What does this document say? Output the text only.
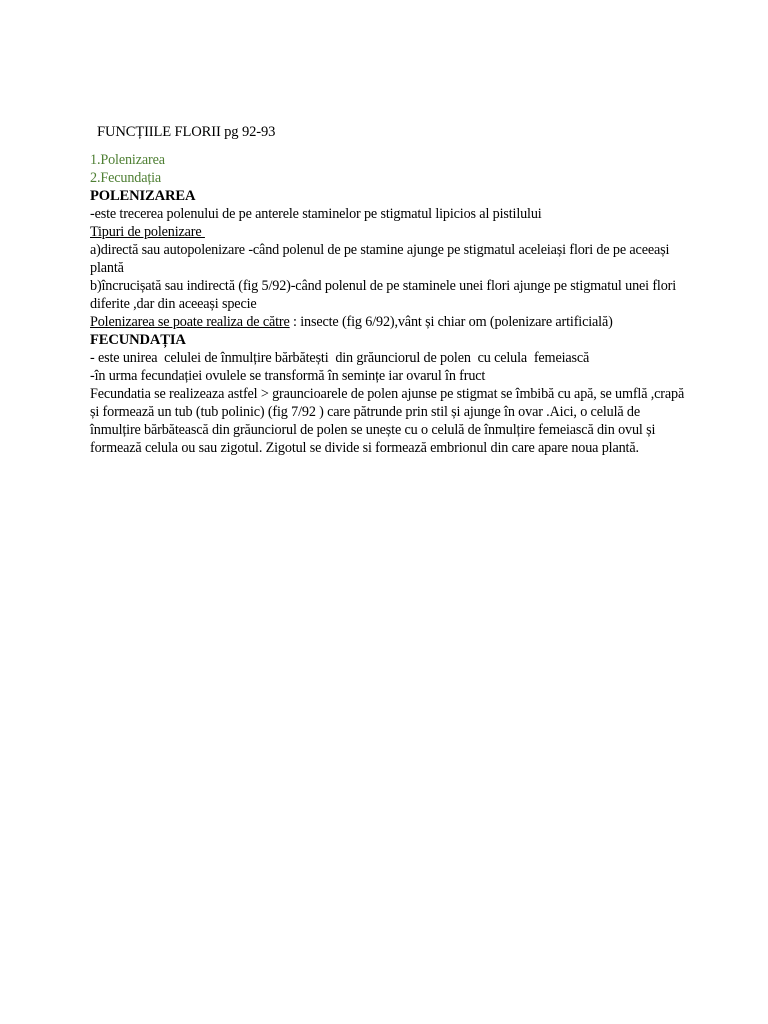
FUNCȚIILE FLORII pg 92-93
1.Polenizarea
2.Fecundația
POLENIZAREA
-este trecerea polenului de pe anterele staminelor pe stigmatul lipicios al pistilului
Tipuri de polenizare
a)directă sau autopolenizare -când polenul de pe stamine ajunge pe stigmatul aceleiași flori de pe aceeași plantă
b)încrucișată sau indirectă (fig 5/92)-când polenul de pe staminele unei flori ajunge pe stigmatul unei flori diferite ,dar din aceeași specie
Polenizarea se poate realiza de către : insecte (fig 6/92),vânt și chiar om (polenizare artificială)
FECUNDAȚIA
- este unirea  celulei de înmulțire bărbătești  din grăunciorul de polen  cu celula  femeiască
-în urma fecundației ovulele se transformă în semințe iar ovarul în fruct
Fecundatia se realizeaza astfel > grauncioarele de polen ajunse pe stigmat se îmbibă cu apă, se umflă ,crapă și formează un tub (tub polinic) (fig 7/92 ) care pătrunde prin stil și ajunge în ovar .Aici, o celulă de înmulțire bărbătească din grăunciorul de polen se unește cu o celulă de înmulțire femeiască din ovul și formează celula ou sau zigotul. Zigotul se divide si formează embrionul din care apare noua plantă.
